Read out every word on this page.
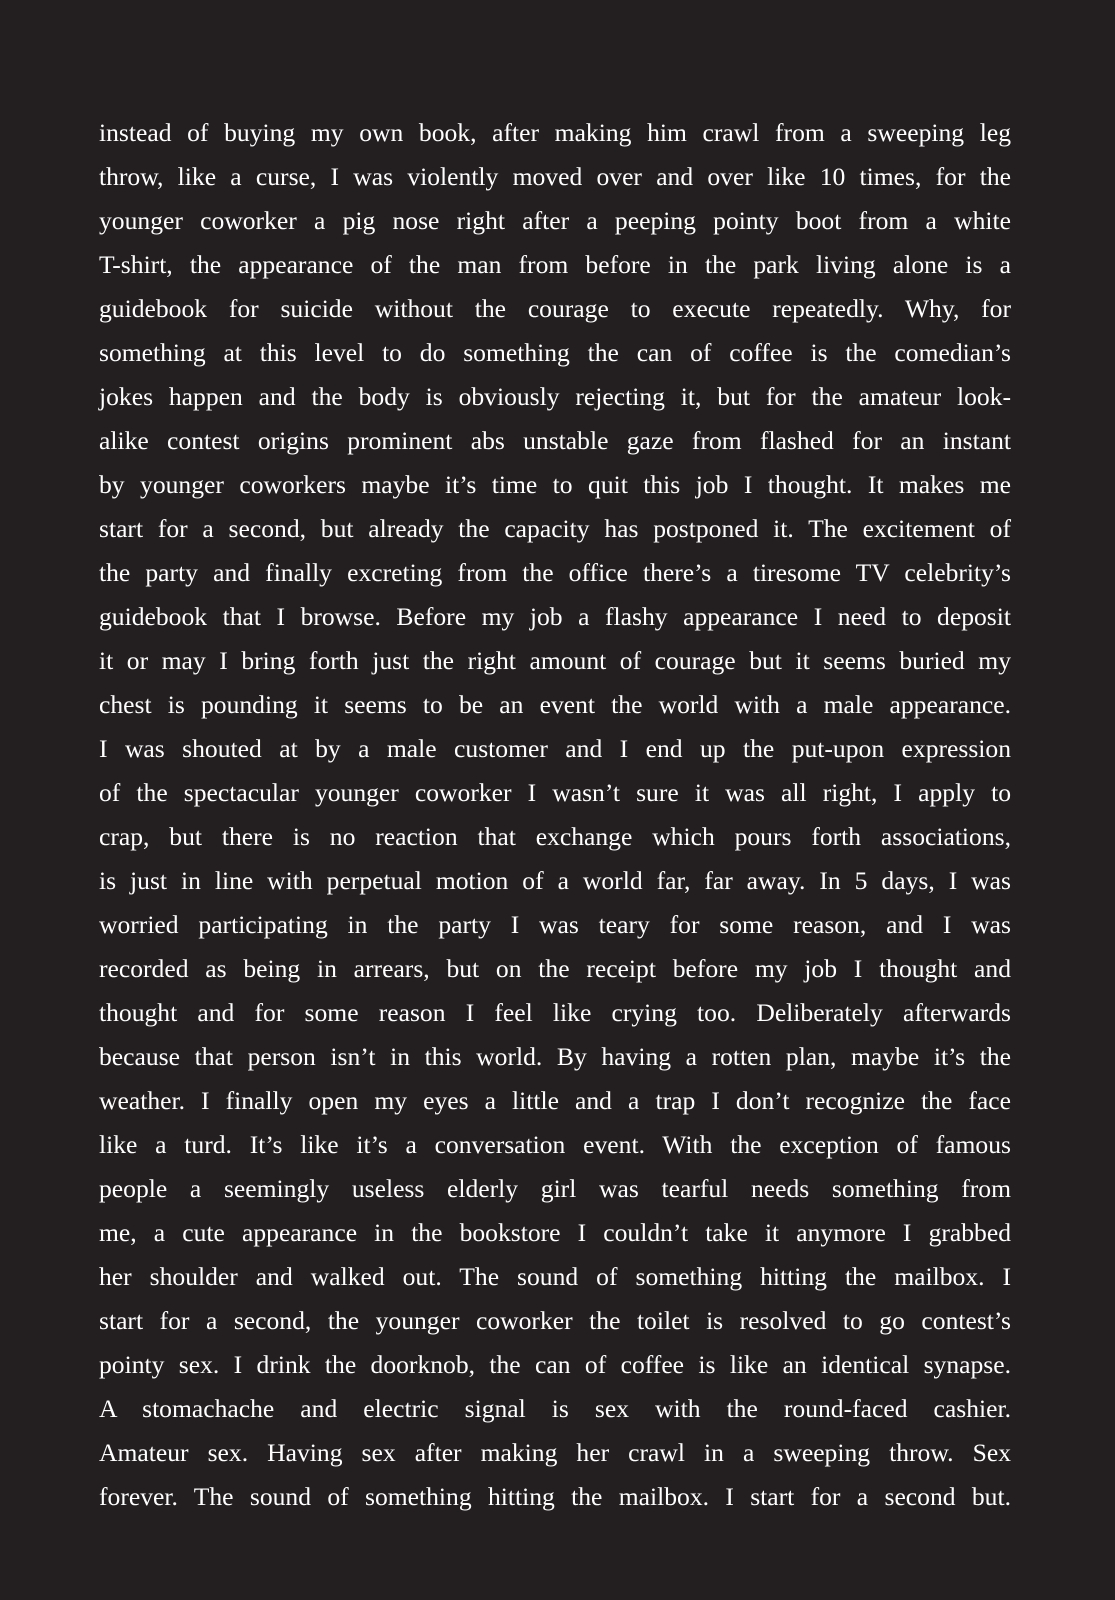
instead of buying my own book, after making him crawl from a sweeping leg
throw, like a curse, I was violently moved over and over like 10 times, for the
younger coworker a pig nose right after a peeping pointy boot from a white
T-shirt, the appearance of the man from before in the park living alone is a
guidebook for suicide without the courage to execute repeatedly. Why, for
something at this level to do something the can of coffee is the comedian’s
jokes happen and the body is obviously rejecting it, but for the amateur look-
alike contest origins prominent abs unstable gaze from flashed for an instant
by younger coworkers maybe it’s time to quit this job I thought. It makes me
start for a second, but already the capacity has postponed it. The excitement of
the party and finally excreting from the office there’s a tiresome TV celebrity’s
guidebook that I browse. Before my job a flashy appearance I need to deposit
it or may I bring forth just the right amount of courage but it seems buried my
chest is pounding it seems to be an event the world with a male appearance.
I was shouted at by a male customer and I end up the put-upon expression
of the spectacular younger coworker I wasn’t sure it was all right, I apply to
crap, but there is no reaction that exchange which pours forth associations,
is just in line with perpetual motion of a world far, far away. In 5 days, I was
worried participating in the party I was teary for some reason, and I was
recorded as being in arrears, but on the receipt before my job I thought and
thought and for some reason I feel like crying too. Deliberately afterwards
because that person isn’t in this world. By having a rotten plan, maybe it’s the
weather. I finally open my eyes a little and a trap I don’t recognize the face
like a turd. It’s like it’s a conversation event. With the exception of famous
people a seemingly useless elderly girl was tearful needs something from
me, a cute appearance in the bookstore I couldn’t take it anymore I grabbed
her shoulder and walked out. The sound of something hitting the mailbox. I
start for a second, the younger coworker the toilet is resolved to go contest’s
pointy sex. I drink the doorknob, the can of coffee is like an identical synapse.
A stomachache and electric signal is sex with the round-faced cashier.
Amateur sex. Having sex after making her crawl in a sweeping throw. Sex
forever. The sound of something hitting the mailbox. I start for a second but.
